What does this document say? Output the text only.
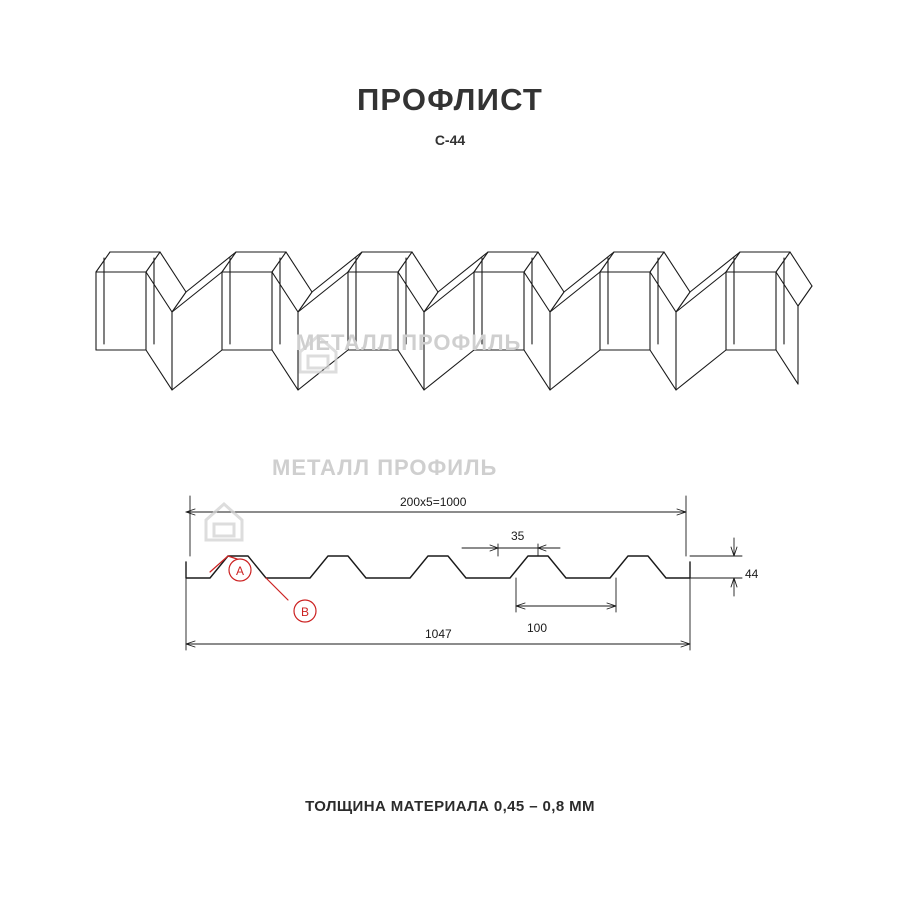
A
B
ПРОФЛИСТ
С-44
МЕТАЛЛ ПРОФИЛЬ
МЕТАЛЛ ПРОФИЛЬ
200x5=1000
35
100
1047
44
ТОЛЩИНА МАТЕРИАЛА 0,45 – 0,8 ММ
